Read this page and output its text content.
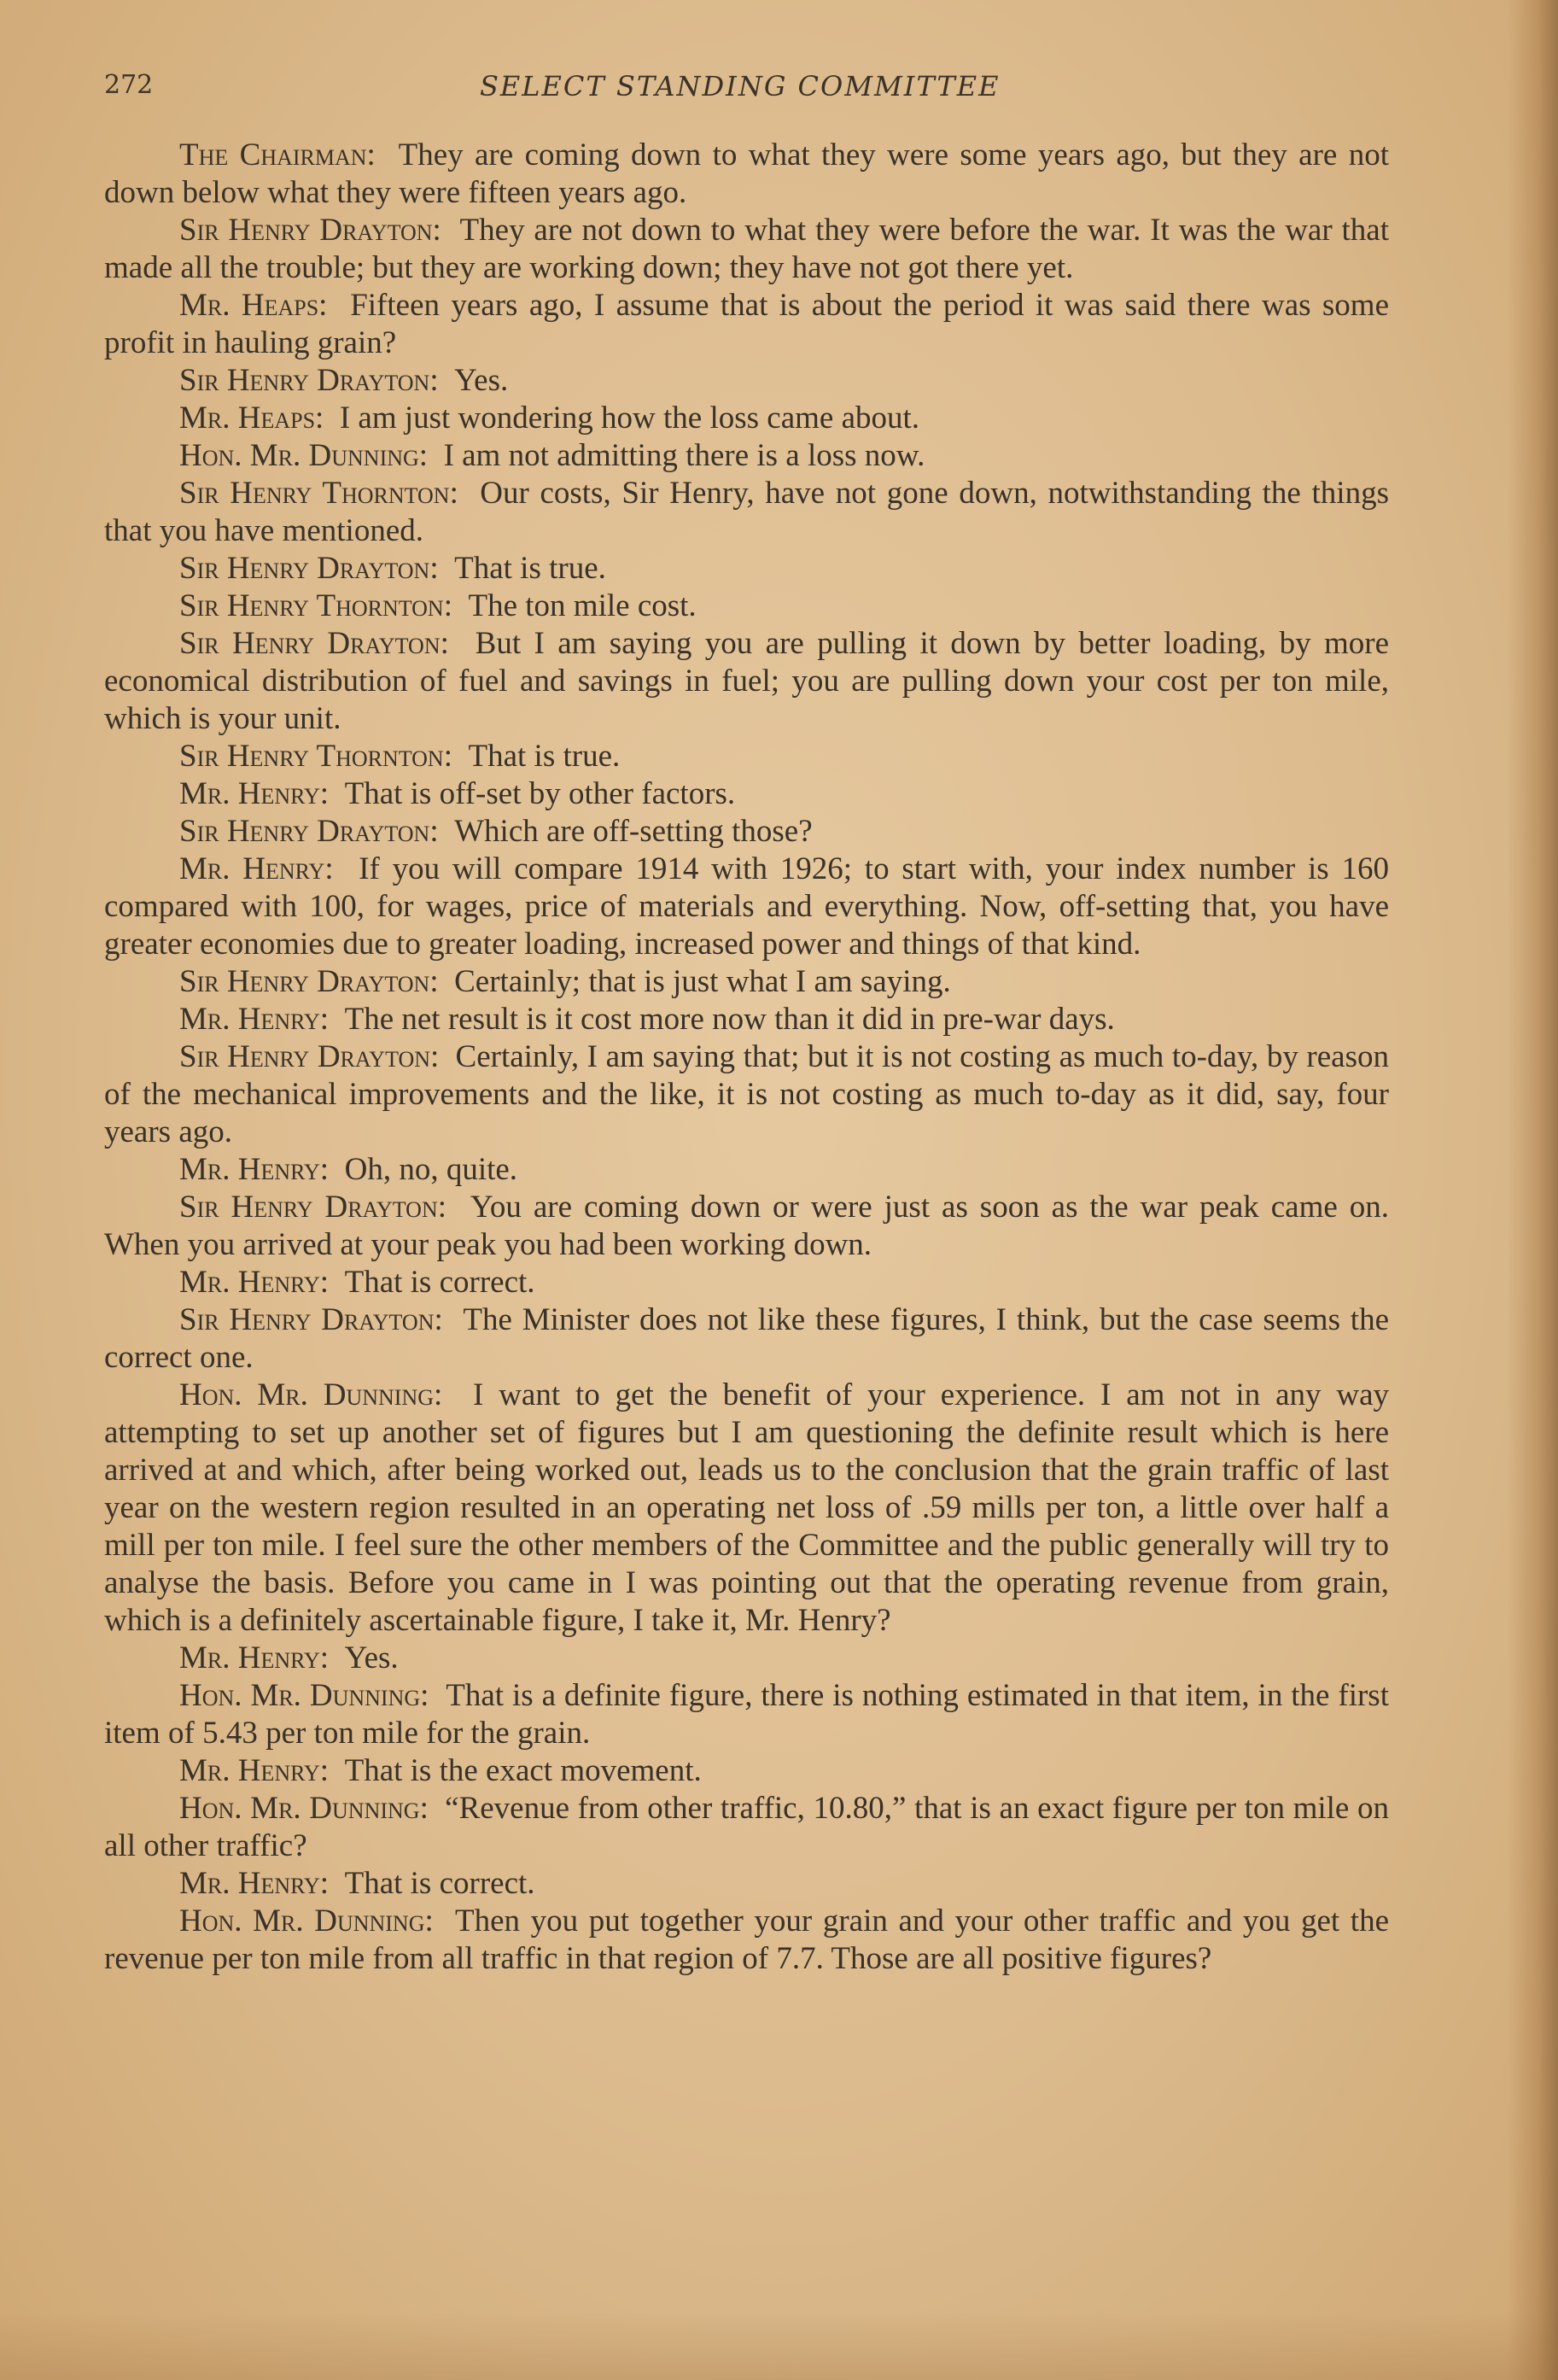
272	SELECT STANDING COMMITTEE

The Chairman: They are coming down to what they were some years ago, but they are not down below what they were fifteen years ago.

Sir Henry Drayton: They are not down to what they were before the war. It was the war that made all the trouble; but they are working down; they have not got there yet.

Mr. Heaps: Fifteen years ago, I assume that is about the period it was said there was some profit in hauling grain?

Sir Henry Drayton: Yes.

Mr. Heaps: I am just wondering how the loss came about.

Hon. Mr. Dunning: I am not admitting there is a loss now.

Sir Henry Thornton: Our costs, Sir Henry, have not gone down, notwithstanding the things that you have mentioned.

Sir Henry Drayton: That is true.

Sir Henry Thornton: The ton mile cost.

Sir Henry Drayton: But I am saying you are pulling it down by better loading, by more economical distribution of fuel and savings in fuel; you are pulling down your cost per ton mile, which is your unit.

Sir Henry Thornton: That is true.

Mr. Henry: That is off-set by other factors.

Sir Henry Drayton: Which are off-setting those?

Mr. Henry: If you will compare 1914 with 1926; to start with, your index number is 160 compared with 100, for wages, price of materials and everything. Now, off-setting that, you have greater economies due to greater loading, increased power and things of that kind.

Sir Henry Drayton: Certainly; that is just what I am saying.

Mr. Henry: The net result is it cost more now than it did in pre-war days.

Sir Henry Drayton: Certainly, I am saying that; but it is not costing as much to-day, by reason of the mechanical improvements and the like, it is not costing as much to-day as it did, say, four years ago.

Mr. Henry: Oh, no, quite.

Sir Henry Drayton: You are coming down or were just as soon as the war peak came on. When you arrived at your peak you had been working down.

Mr. Henry: That is correct.

Sir Henry Drayton: The Minister does not like these figures, I think, but the case seems the correct one.

Hon. Mr. Dunning: I want to get the benefit of your experience. I am not in any way attempting to set up another set of figures but I am questioning the definite result which is here arrived at and which, after being worked out, leads us to the conclusion that the grain traffic of last year on the western region resulted in an operating net loss of .59 mills per ton, a little over half a mill per ton mile. I feel sure the other members of the Committee and the public generally will try to analyse the basis. Before you came in I was pointing out that the operating revenue from grain, which is a definitely ascertainable figure, I take it, Mr. Henry?

Mr. Henry: Yes.

Hon. Mr. Dunning: That is a definite figure, there is nothing estimated in that item, in the first item of 5.43 per ton mile for the grain.

Mr. Henry: That is the exact movement.

Hon. Mr. Dunning: “Revenue from other traffic, 10.80,” that is an exact figure per ton mile on all other traffic?

Mr. Henry: That is correct.

Hon. Mr. Dunning: Then you put together your grain and your other traffic and you get the revenue per ton mile from all traffic in that region of 7.7. Those are all positive figures?
